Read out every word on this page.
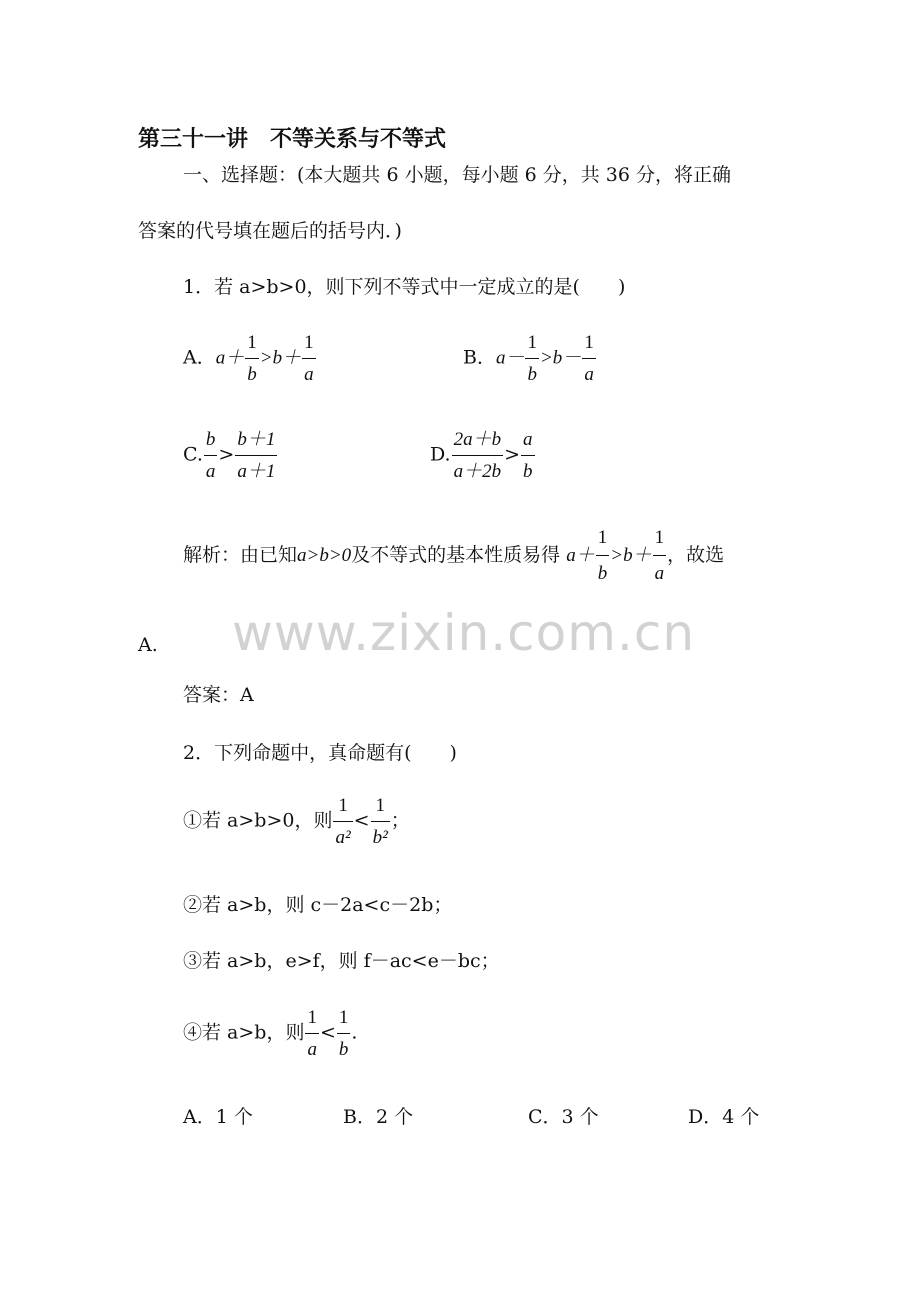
第三十一讲　不等关系与不等式
一、选择题：(本大题共 6 小题，每小题 6 分，共 36 分，将正确
答案的代号填在题后的括号内．)
1．若 a>b>0，则下列不等式中一定成立的是(　　)
A．$a+ \frac{1}{b} >b+ \frac{1}{a}$	B．$a- \frac{1}{b} >b- \frac{1}{a}$
C. $\frac{b}{a} > \frac{b+1}{a+1}$	D. $\frac{2a+b}{a+2b} > \frac{a}{b}$
解析：由已知a>b>0及不等式的基本性质易得 $a+ \frac{1}{b} >b+ \frac{1}{a}$ ，故选
A. www.zixin.com.cn
答案：A
2．下列命题中，真命题有(　　)
①若 a>b>0，则 $\frac{1}{\text{a²}} < \frac{1}{\text{b²}}$ ；
②若 a>b，则 c－2a<c－2b；
③若 a>b，e>f，则 f－ac<e－bc；
④若 a>b，则 $\frac{1}{a} < \frac{1}{b}$ .
A．1 个	B．2 个	C．3 个	D．4 个
